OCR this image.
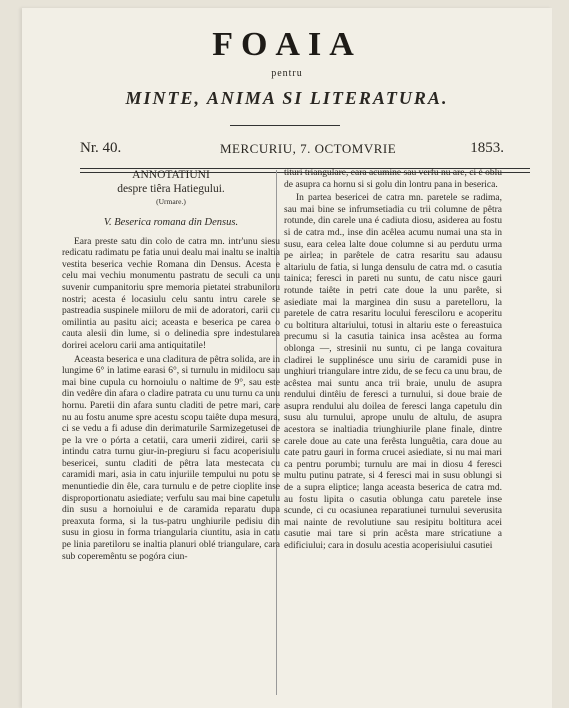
FOAIA
pentru
MINTE, ANIMA SI LITERATURA.
Nr. 40.	MERCURIU, 7. OCTOMVRIE	1853.
ANNOTATIUNI
despre tiêra Hatiegului.
(Urmare.)
V. Beserica romana din Densus.

Eara preste satu din colo de catra mn. intr'unu siesu redicatu radimatu pe fatia unui dealu mai inaltu se inaltia vestita beserica vechie Romana din Densus. Acesta e celu mai vechiu monumentu pastratu de seculi ca unu suvenir cumpanitoriu spre memoria pietatei strabuniloru nostri; acesta é locasiulu celu santu intru carele se pastreadia suspinele miiloru de mii de adoratori, carii cu omilintia au pasitu aici; aceasta e beserica pe carea o cauta alesii din lume, si o delinedia spre indestularea dorirei aceloru carii ama antiquitatile!

Aceasta beserica e una claditura de pêtra solida, are in lungime 6° in latime earasi 6°, si turnulu in midilocu sau mai bine cupula cu hornoiulu o naltime de 9°, sau este din vedêre din afara o cladire patrata cu unu turnu ca unu hornu. Paretii din afara suntu claditi de petre mari, care nu au fostu anume spre acestu scopu taiête dupa mesura, ci se vedu a fi aduse din derimaturile Sarmizegetusei de pe la vre o pórta a cetatii, cara umerii zidirei, carii se intindu catra turnu giur-in-pregiuru si facu acoperisiulu besericei, suntu claditi de pêtra lata mestecata cu caramidi mari, asia in catu injuriile tempului nu potu se menuntiedie din êle, cara turnulu e de petre cioplite inse disproportionatu asiediate; verfulu sau mai bine capetulu din susu a hornoiului e de caramida reparatu dupa preaxuta forma, si la tus-patru unghiurile pedisiu din susu in giosu in forma triangularia ciuntitu, asia in catu pe linia paretiloru se inaltia planuri oblé triangulare, cara sub coperemêntu se pogóra ciun-

tituri triangulare, eara acumine sau verfu nu are, ci é oblu de asupra ca hornu si si golu din lontru pana in beserica.

In partea besericei de catra mn. paretele se radima, sau mai bine se infrumsetiadia cu trii columne de pêtra rotunde, din carele una é cadiuta diosu, asiderea au fostu si de catra md., inse din acêlea acumu numai una sta in susu, eara celea lalte doue columne si au perdutu urma pe airlea; in parêtele de catra resaritu sau adausu altariulu de fatia, si lunga densulu de catra md. o casutia tainica; feresci in pareti nu suntu, de catu nisce gauri rotunde taiête in petri cate doue la unu parête, si asiediate mai la marginea din susu a paretelloru, la paretele de catra resaritu locului feresciloru e acoperitu cu boltitura altariului, totusi in altariu este o fereastuica precumu si la casutia tainica insa acêstea au forma oblonga —, stresinii nu suntu, ci pe langa covaitura cladirei le supplinésce unu siriu de caramidi puse in unghiuri triangulare intre zidu, de se fecu ca unu brau, de acêstea mai suntu anca trii braie, unulu de asupra rendului dintêiu de feresci a turnului, si doue braie de asupra rendului alu doilea de feresci langa capetulu din susu alu turnului, aprope unulu de altulu, de asupra acestora se inaltiadia triunghiurile plane finale, dintre carele doue au cate una ferêsta lunguêtia, cara doue au cate patru gauri in forma crucei asiediate, si nu mai mari ca pentru porumbi; turnulu are mai in diosu 4 feresci multu putinu patrate, si 4 feresci mai in susu oblungi si de a supra eliptice; langa aceasta beserica de catra md. au fostu lipita o casutia oblunga catu paretele inse scunde, ci cu ocasiunea reparatiunei turnului severusita mai nainte de revolutiune sau resipitu boltitura acei casutie mai tare si prin acêsta mare stricatiune a edificiului; cara in dosulu acestia acoperisiului casutiei
